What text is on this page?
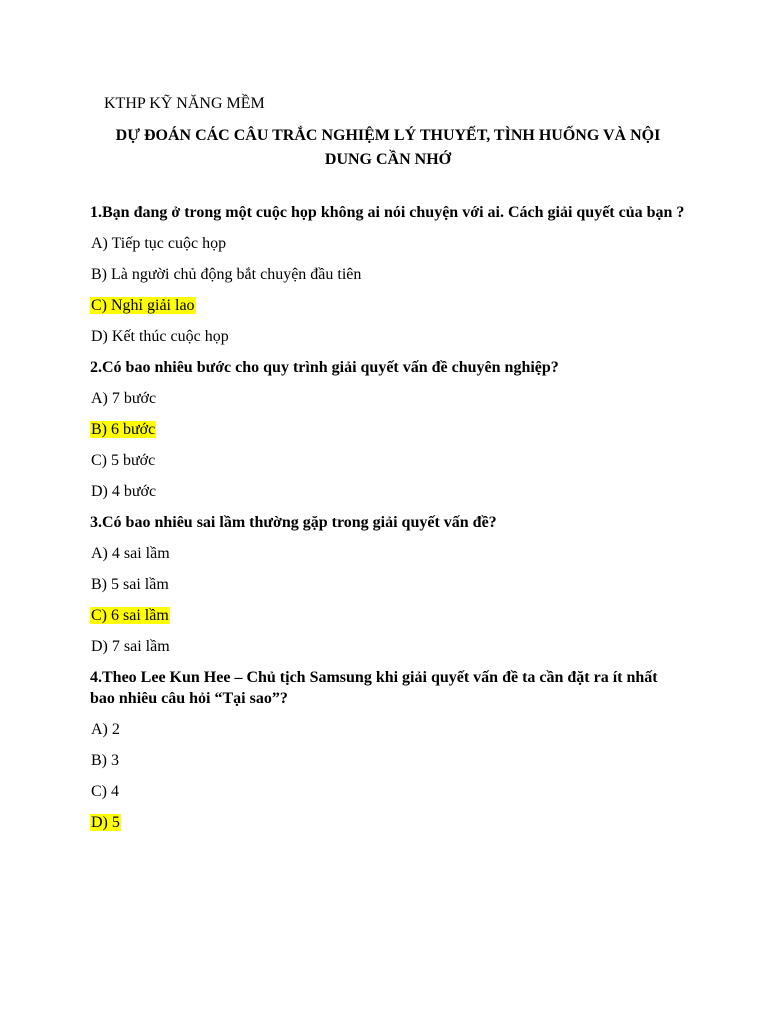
KTHP KỸ NĂNG MỀM
DỰ ĐOÁN CÁC CÂU TRẮC NGHIỆM LÝ THUYẾT, TÌNH HUỐNG VÀ NỘI DUNG CẦN NHỚ
1.Bạn đang ở trong một cuộc họp không ai nói chuyện với ai. Cách giải quyết của bạn ?
A) Tiếp tục cuộc họp
B) Là người chủ động bắt chuyện đầu tiên
C) Nghỉ giải lao
D) Kết thúc cuộc họp
2.Có bao nhiêu bước cho quy trình giải quyết vấn đề chuyên nghiệp?
A) 7 bước
B) 6 bước
C) 5 bước
D) 4 bước
3.Có bao nhiêu sai lầm thường gặp trong giải quyết vấn đề?
A) 4 sai lầm
B) 5 sai lầm
C) 6 sai lầm
D) 7 sai lầm
4.Theo Lee Kun Hee – Chủ tịch Samsung khi giải quyết vấn đề ta cần đặt ra ít nhất bao nhiêu câu hỏi “Tại sao”?
A) 2
B) 3
C) 4
D) 5
